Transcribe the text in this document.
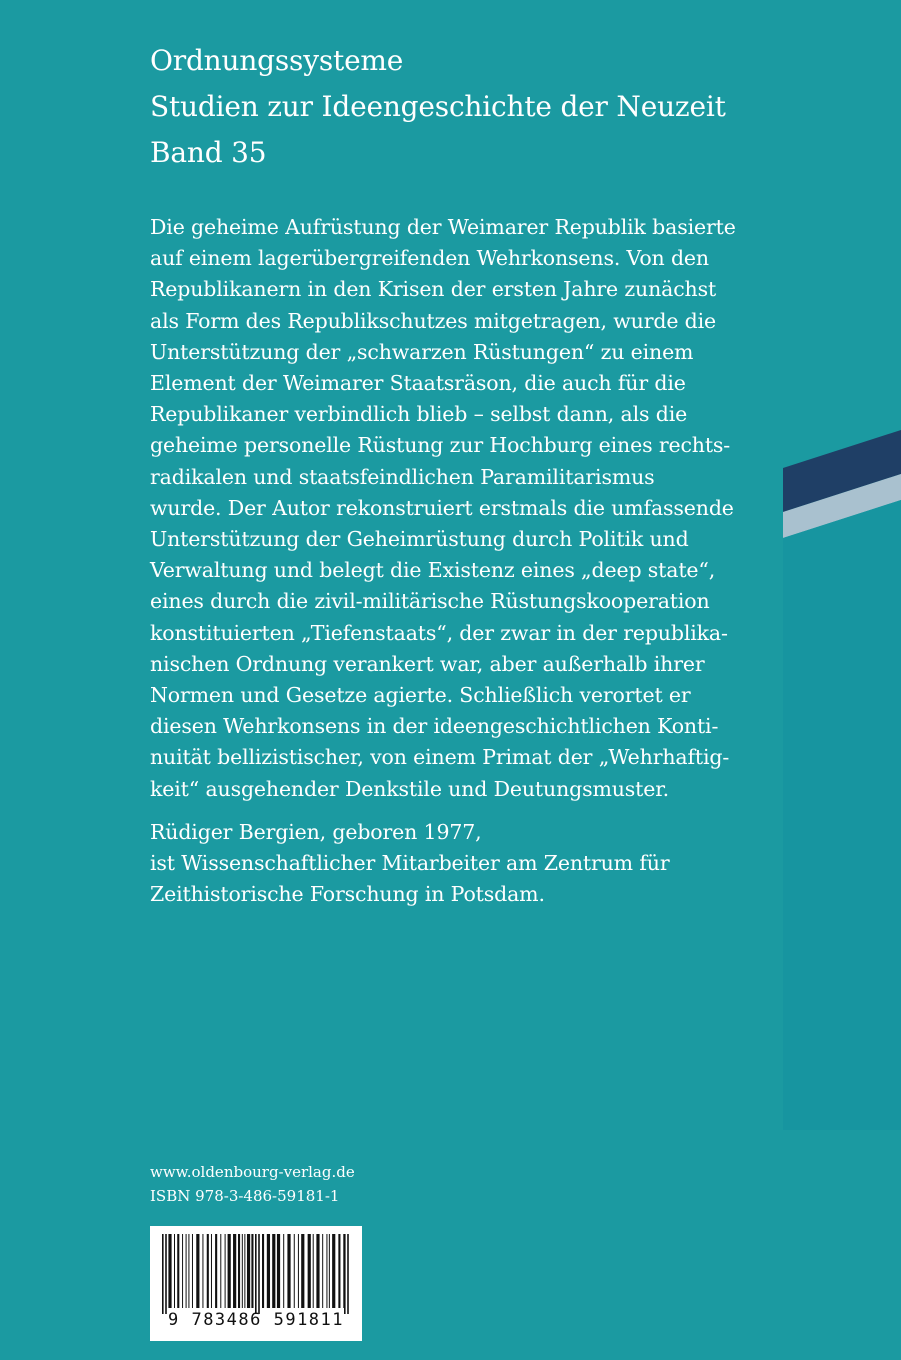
Ordnungssysteme
Studien zur Ideengeschichte der Neuzeit
Band 35
Die geheime Aufrüstung der Weimarer Republik basierte
auf einem lagerübergreifenden Wehrkonsens. Von den
Republikanern in den Krisen der ersten Jahre zunächst
als Form des Republikschutzes mitgetragen, wurde die
Unterstützung der „schwarzen Rüstungen“ zu einem
Element der Weimarer Staatsräson, die auch für die
Republikaner verbindlich blieb – selbst dann, als die
geheime personelle Rüstung zur Hochburg eines rechts-
radikalen und staatsfeindlichen Paramilitarismus
wurde. Der Autor rekonstruiert erstmals die umfassende
Unterstützung der Geheimrüstung durch Politik und
Verwaltung und belegt die Existenz eines „deep state“,
eines durch die zivil-militärische Rüstungskooperation
konstituierten „Tiefenstaats“, der zwar in der republika-
nischen Ordnung verankert war, aber außerhalb ihrer
Normen und Gesetze agierte. Schließlich verortet er
diesen Wehrkonsens in der ideengeschichtlichen Konti-
nuität bellizistischer, von einem Primat der „Wehrhaftig-
keit“ ausgehender Denkstile und Deutungsmuster.
Rüdiger Bergien, geboren 1977,
ist Wissenschaftlicher Mitarbeiter am Zentrum für
Zeithistorische Forschung in Potsdam.
www.oldenbourg-verlag.de
ISBN 978-3-486-59181-1
9 783486 591811
